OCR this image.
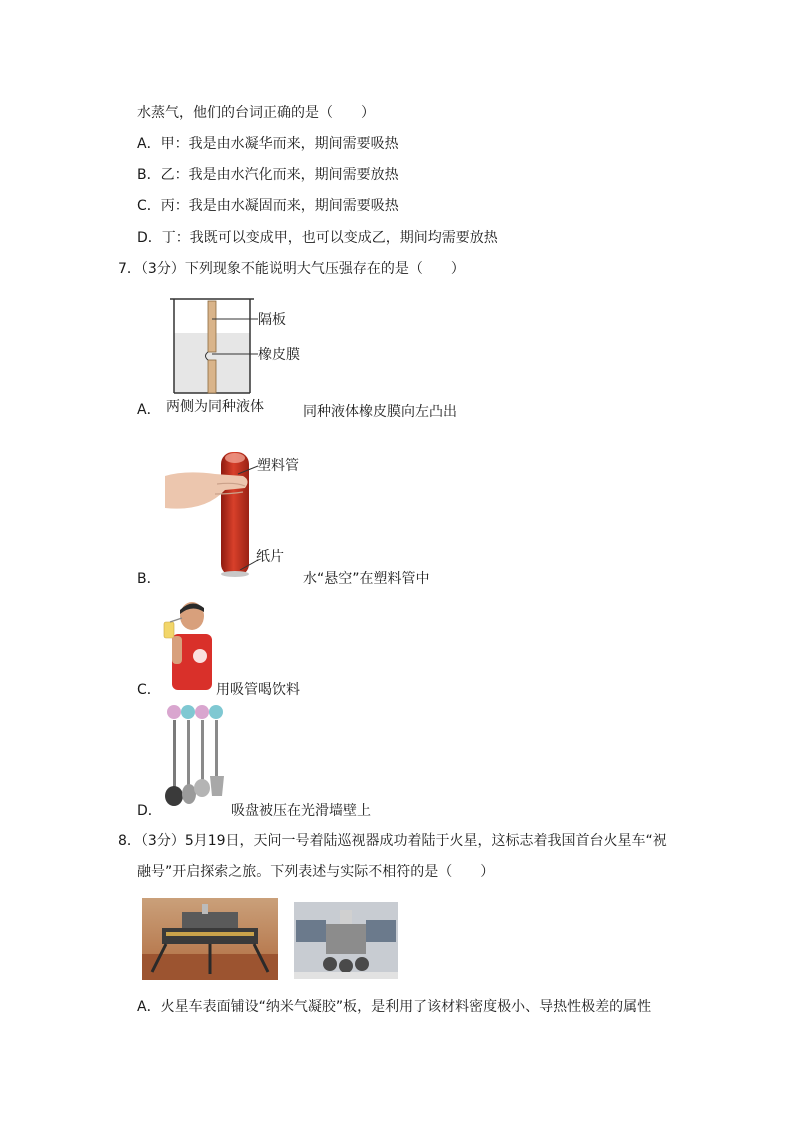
水蒸气，他们的台词正确的是（　　）
A．甲：我是由水凝华而来，期间需要吸热
B．乙：我是由水汽化而来，期间需要放热
C．丙：我是由水凝固而来，期间需要吸热
D．丁：我既可以变成甲，也可以变成乙，期间均需要放热
7．（3分）下列现象不能说明大气压强存在的是（　　）
隔板
橡皮膜
A． 两侧为同种液体	同种液体橡皮膜向左凸出
塑料管
纸片
B．	水“悬空”在塑料管中
C．	用吸管喝饮料
D．	吸盘被压在光滑墙壁上
8．（3分）5月19日，天问一号着陆巡视器成功着陆于火星，这标志着我国首台火星车“祝
融号”开启探索之旅。下列表述与实际不相符的是（　　）
A．火星车表面铺设“纳米气凝胶”板，是利用了该材料密度极小、导热性极差的属性
